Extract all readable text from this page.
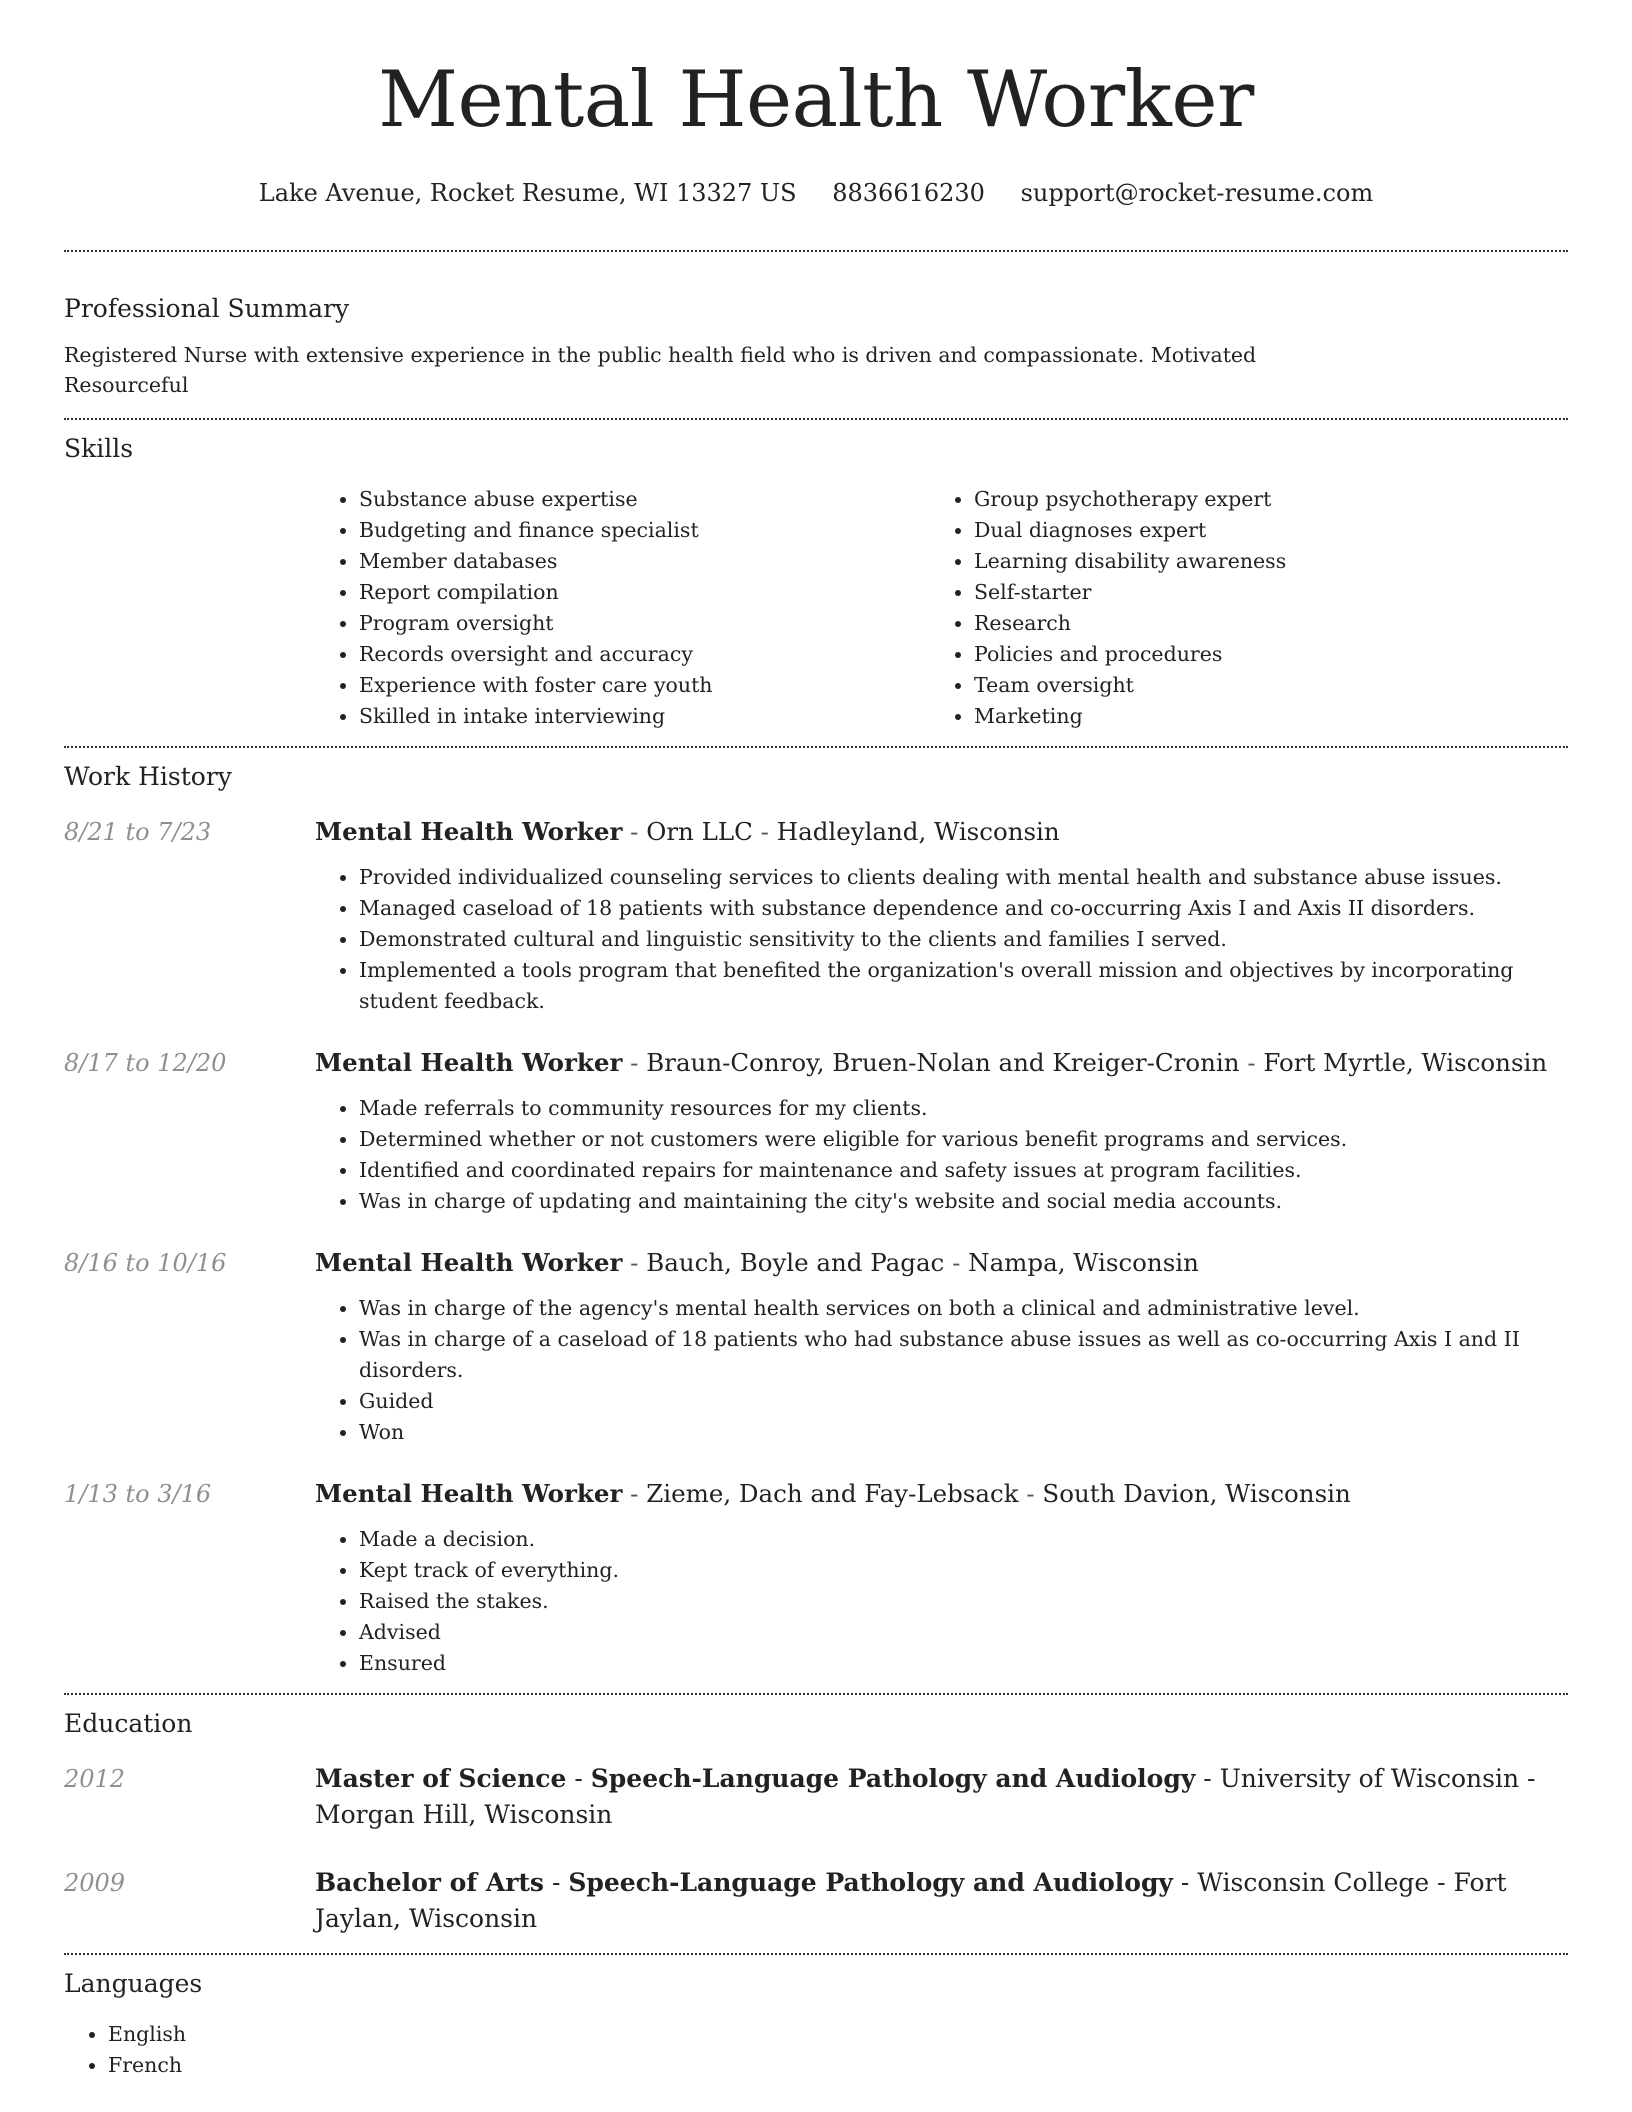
Mental Health Worker
Lake Avenue, Rocket Resume, WI 13327 US 8836616230 support@rocket-resume.com
Professional Summary

Registered Nurse with extensive experience in the public health field who is driven and compassionate. Motivated Resourceful

Skills
• Substance abuse expertise
• Budgeting and finance specialist
• Member databases
• Report compilation
• Program oversight
• Records oversight and accuracy
• Experience with foster care youth
• Skilled in intake interviewing
• Group psychotherapy expert
• Dual diagnoses expert
• Learning disability awareness
• Self-starter
• Research
• Policies and procedures
• Team oversight
• Marketing
Work History
8/21 to 7/23	Mental Health Worker - Orn LLC - Hadleyland, Wisconsin
• Provided individualized counseling services to clients dealing with mental health and substance abuse issues.
• Managed caseload of 18 patients with substance dependence and co-occurring Axis I and Axis II disorders.
• Demonstrated cultural and linguistic sensitivity to the clients and families I served.
• Implemented a tools program that benefited the organization's overall mission and objectives by incorporating student feedback.
8/17 to 12/20	Mental Health Worker - Braun-Conroy, Bruen-Nolan and Kreiger-Cronin - Fort Myrtle, Wisconsin
• Made referrals to community resources for my clients.
• Determined whether or not customers were eligible for various benefit programs and services.
• Identified and coordinated repairs for maintenance and safety issues at program facilities.
• Was in charge of updating and maintaining the city's website and social media accounts.
8/16 to 10/16	Mental Health Worker - Bauch, Boyle and Pagac - Nampa, Wisconsin
• Was in charge of the agency's mental health services on both a clinical and administrative level.
• Was in charge of a caseload of 18 patients who had substance abuse issues as well as co-occurring Axis I and II disorders.
• Guided
• Won
1/13 to 3/16	Mental Health Worker - Zieme, Dach and Fay-Lebsack - South Davion, Wisconsin
• Made a decision.
• Kept track of everything.
• Raised the stakes.
• Advised
• Ensured
Education
2012	Master of Science - Speech-Language Pathology and Audiology - University of Wisconsin - Morgan Hill, Wisconsin
2009	Bachelor of Arts - Speech-Language Pathology and Audiology - Wisconsin College - Fort Jaylan, Wisconsin
Languages
• English
• French
